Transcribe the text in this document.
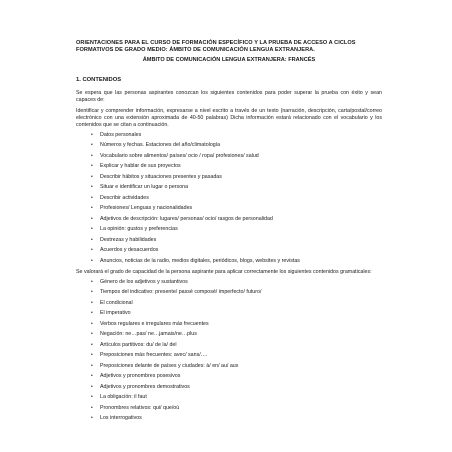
ORIENTACIONES PARA EL CURSO DE FORMACIÓN ESPECÍFICO Y LA PRUEBA DE ACCESO A CICLOS
FORMATIVOS DE GRADO MEDIO: ÁMBITO DE COMUNICACIÓN LENGUA EXTRANJERA.
ÁMBITO DE COMUNICACIÓN LENGUA EXTRANJERA: FRANCÉS
1. CONTENIDOS

Se espera que las personas aspirantes conozcan los siguientes contenidos para poder superar la prueba con éxito y sean capaces de:

Identificar y comprender información, expresarse a nivel escrito a través de un texto (narración, descripción, carta/postal/correo electrónico con una extensión aproximada de 40-50 palabras) Dicha información estará relacionado con el vocabulario y los contenidos que se citan a continuación.

• Datos personales
• Números y fechas. Estaciones del año/climatología
• Vocabulario sobre alimentos/ países/ ocio / ropa/ profesiones/ salud
• Explicar y hablar de sus proyectos
• Describir hábitos y situaciones presentes y pasadas
• Situar e identificar un lugar o persona
• Describir actividades
• Profesiones/ Lenguas y nacionalidades
• Adjetivos de descripción: lugares/ personas/ ocio/ rasgos de personalidad
• La opinión: gustos y preferencias
• Destrezas y habilidades
• Acuerdos y desacuerdos
• Anuncios, noticias de la radio, medios digitales, periódicos, blogs, websites y revistas

Se valorará el grado de capacidad de la persona aspirante para aplicar correctamente los siguientes contenidos gramaticales:

• Género de los adjetivos y sustantivos
• Tiempos del indicativo: presente/ passé composé/ imperfecto/ futuro/
• El condicional
• El imperativo
• Verbos regulares e irregulares más frecuentes
• Negación: ne…pas/ ne…jamais/ne…plus
• Artículos partitivos: du/ de la/ del
• Preposiciones más frecuentes: avec/ sans/….
• Preposiciones delante de países y ciudades: à/ en/ au/ aux
• Adjetivos y pronombres posesivos
• Adjetivos y pronombres demostrativos
• La obligación: il faut
• Pronombres relativos: qui/ que/où
• Los interrogativos
